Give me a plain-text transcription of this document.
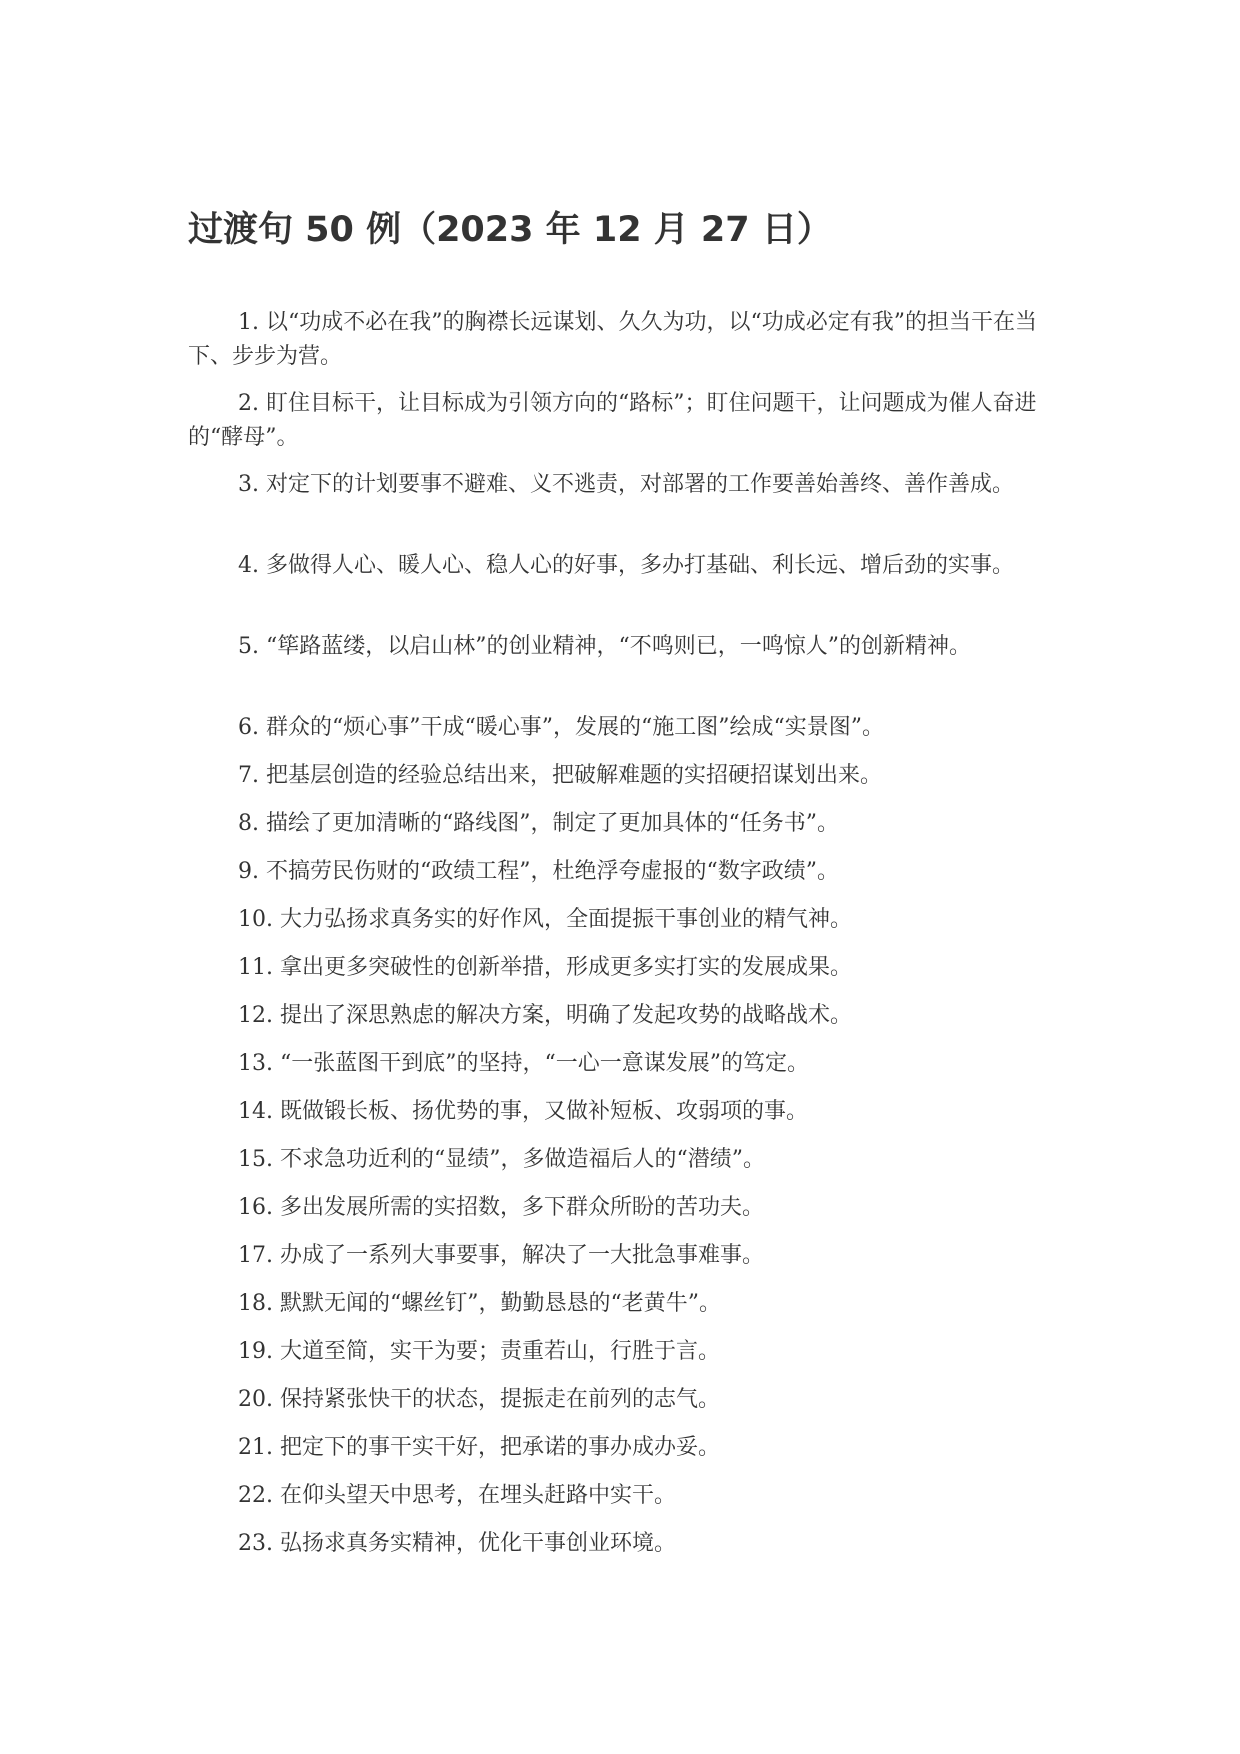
过渡句 50 例（2023 年 12 月 27 日）
1. 以“功成不必在我”的胸襟长远谋划、久久为功，以“功成必定有我”的担当干在当下、步步为营。
2. 盯住目标干，让目标成为引领方向的“路标”；盯住问题干，让问题成为催人奋进的“酵母”。
3. 对定下的计划要事不避难、义不逃责，对部署的工作要善始善终、善作善成。
4. 多做得人心、暖人心、稳人心的好事，多办打基础、利长远、增后劲的实事。
5. “筚路蓝缕，以启山林”的创业精神，“不鸣则已，一鸣惊人”的创新精神。
6. 群众的“烦心事”干成“暖心事”，发展的“施工图”绘成“实景图”。
7. 把基层创造的经验总结出来，把破解难题的实招硬招谋划出来。
8. 描绘了更加清晰的“路线图”，制定了更加具体的“任务书”。
9. 不搞劳民伤财的“政绩工程”，杜绝浮夸虚报的“数字政绩”。
10. 大力弘扬求真务实的好作风，全面提振干事创业的精气神。
11. 拿出更多突破性的创新举措，形成更多实打实的发展成果。
12. 提出了深思熟虑的解决方案，明确了发起攻势的战略战术。
13. “一张蓝图干到底”的坚持，“一心一意谋发展”的笃定。
14. 既做锻长板、扬优势的事，又做补短板、攻弱项的事。
15. 不求急功近利的“显绩”，多做造福后人的“潜绩”。
16. 多出发展所需的实招数，多下群众所盼的苦功夫。
17. 办成了一系列大事要事，解决了一大批急事难事。
18. 默默无闻的“螺丝钉”，勤勤恳恳的“老黄牛”。
19. 大道至简，实干为要；责重若山，行胜于言。
20. 保持紧张快干的状态，提振走在前列的志气。
21. 把定下的事干实干好，把承诺的事办成办妥。
22. 在仰头望天中思考，在埋头赶路中实干。
23. 弘扬求真务实精神，优化干事创业环境。
